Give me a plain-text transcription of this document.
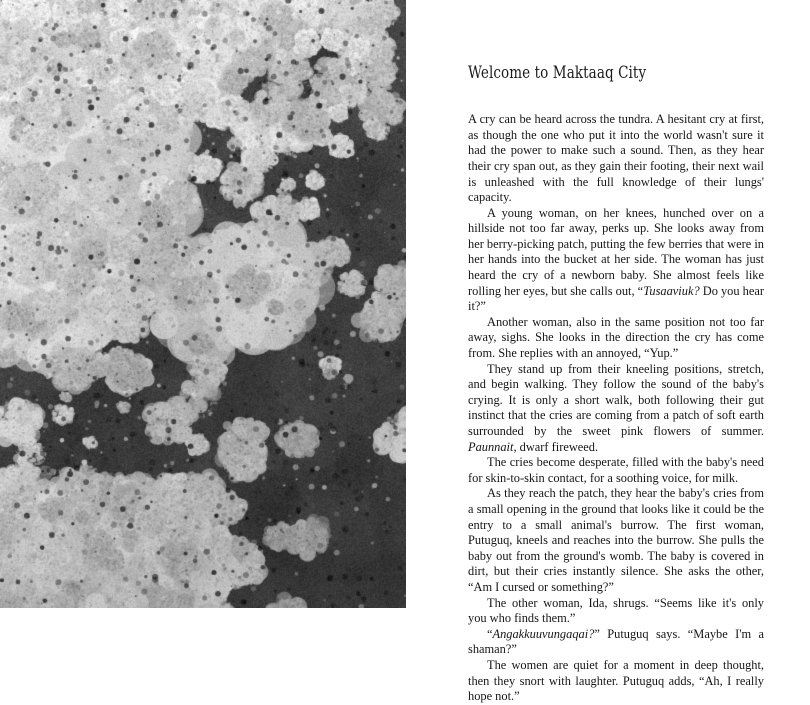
Welcome to Maktaaq City

A cry can be heard across the tundra. A hesitant cry at first, as though the one who put it into the world wasn't sure it had the power to make such a sound. Then, as they hear their cry span out, as they gain their footing, their next wail is unleashed with the full knowledge of their lungs' capacity.

A young woman, on her knees, hunched over on a hillside not too far away, perks up. She looks away from her berry-picking patch, putting the few berries that were in her hands into the bucket at her side. The woman has just heard the cry of a newborn baby. She almost feels like rolling her eyes, but she calls out, “Tusaaviuk? Do you hear it?”

Another woman, also in the same position not too far away, sighs. She looks in the direction the cry has come from. She replies with an annoyed, “Yup.”

They stand up from their kneeling positions, stretch, and begin walking. They follow the sound of the baby's crying. It is only a short walk, both following their gut instinct that the cries are coming from a patch of soft earth surrounded by the sweet pink flowers of summer. Paunnait, dwarf fireweed.

The cries become desperate, filled with the baby's need for skin-to-skin contact, for a soothing voice, for milk.

As they reach the patch, they hear the baby's cries from a small opening in the ground that looks like it could be the entry to a small animal's burrow. The first woman, Putuguq, kneels and reaches into the burrow. She pulls the baby out from the ground's womb. The baby is covered in dirt, but their cries instantly silence. She asks the other, “Am I cursed or something?”

The other woman, Ida, shrugs. “Seems like it's only you who finds them.”

“Angakkuuvungaqai?” Putuguq says. “Maybe I'm a shaman?”

The women are quiet for a moment in deep thought, then they snort with laughter. Putuguq adds, “Ah, I really hope not.”
